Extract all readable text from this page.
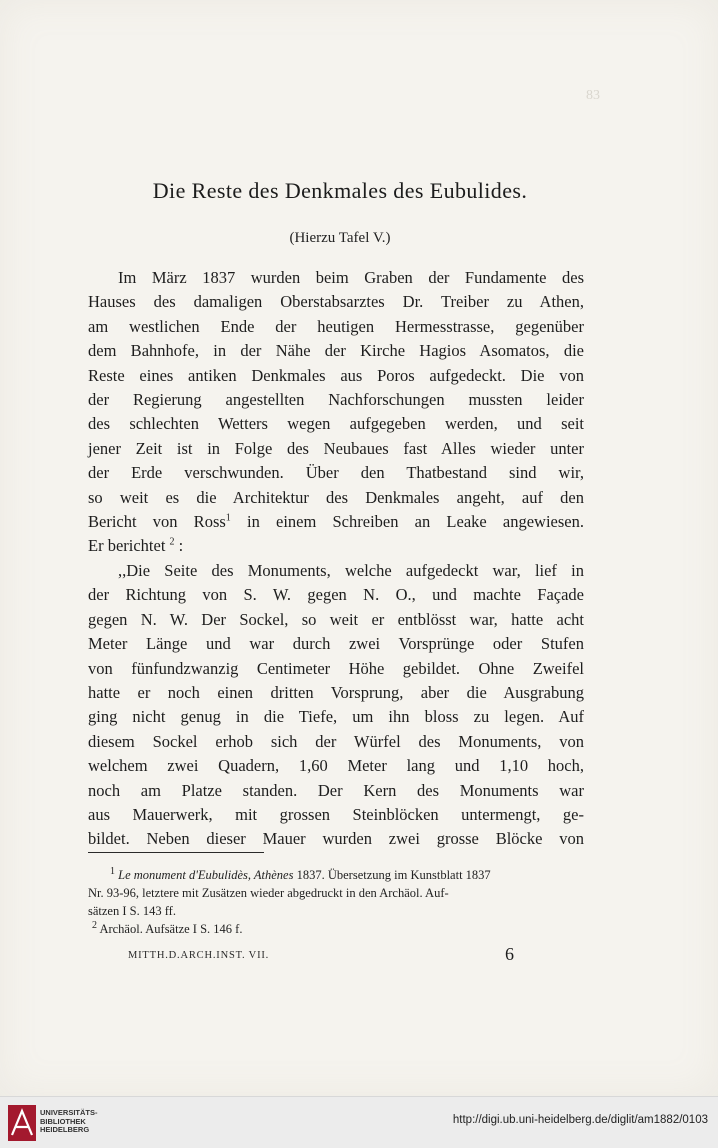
83
Die Reste des Denkmales des Eubulides.
(Hierzu Tafel V.)
Im März 1837 wurden beim Graben der Fundamente des
Hauses des damaligen Oberstabsarztes Dr. Treiber zu Athen,
am westlichen Ende der heutigen Hermesstrasse, gegenüber
dem Bahnhofe, in der Nähe der Kirche Hagios Asomatos, die
Reste eines antiken Denkmales aus Poros aufgedeckt. Die von
der Regierung angestellten Nachforschungen mussten leider
des schlechten Wetters wegen aufgegeben werden, und seit
jener Zeit ist in Folge des Neubaues fast Alles wieder unter
der Erde verschwunden. Über den Thatbestand sind wir,
so weit es die Architektur des Denkmales angeht, auf den
Bericht von Ross$^1$ in einem Schreiben an Leake angewiesen.
Er berichtet $^2$ :
,,Die Seite des Monuments, welche aufgedeckt war, lief in
der Richtung von S. W. gegen N. O., und machte Façade
gegen N. W. Der Sockel, so weit er entblösst war, hatte acht
Meter Länge und war durch zwei Vorsprünge oder Stufen
von fünfundzwanzig Centimeter Höhe gebildet. Ohne Zweifel
hatte er noch einen dritten Vorsprung, aber die Ausgrabung
ging nicht genug in die Tiefe, um ihn bloss zu legen. Auf
diesem Sockel erhob sich der Würfel des Monuments, von
welchem zwei Quadern, 1,60 Meter lang und 1,10 hoch,
noch am Platze standen. Der Kern des Monuments war
aus Mauerwerk, mit grossen Steinblöcken untermengt, ge-
bildet. Neben dieser Mauer wurden zwei grosse Blöcke von
$^1$ Le monument d'Eubulidès, Athènes 1837. Übersetzung im Kunstblatt 1837
Nr. 93-96, letztere mit Zusätzen wieder abgedruckt in den Archäol. Auf-
sätzen I S. 143 ff.
$^2$ Archäol. Aufsätze I S. 146 f.
MITTH.D.ARCH.INST. VII.	6
UNIVERSITÄTS-
BIBLIOTHEK
HEIDELBERG
http://digi.ub.uni-heidelberg.de/diglit/am1882/0103
